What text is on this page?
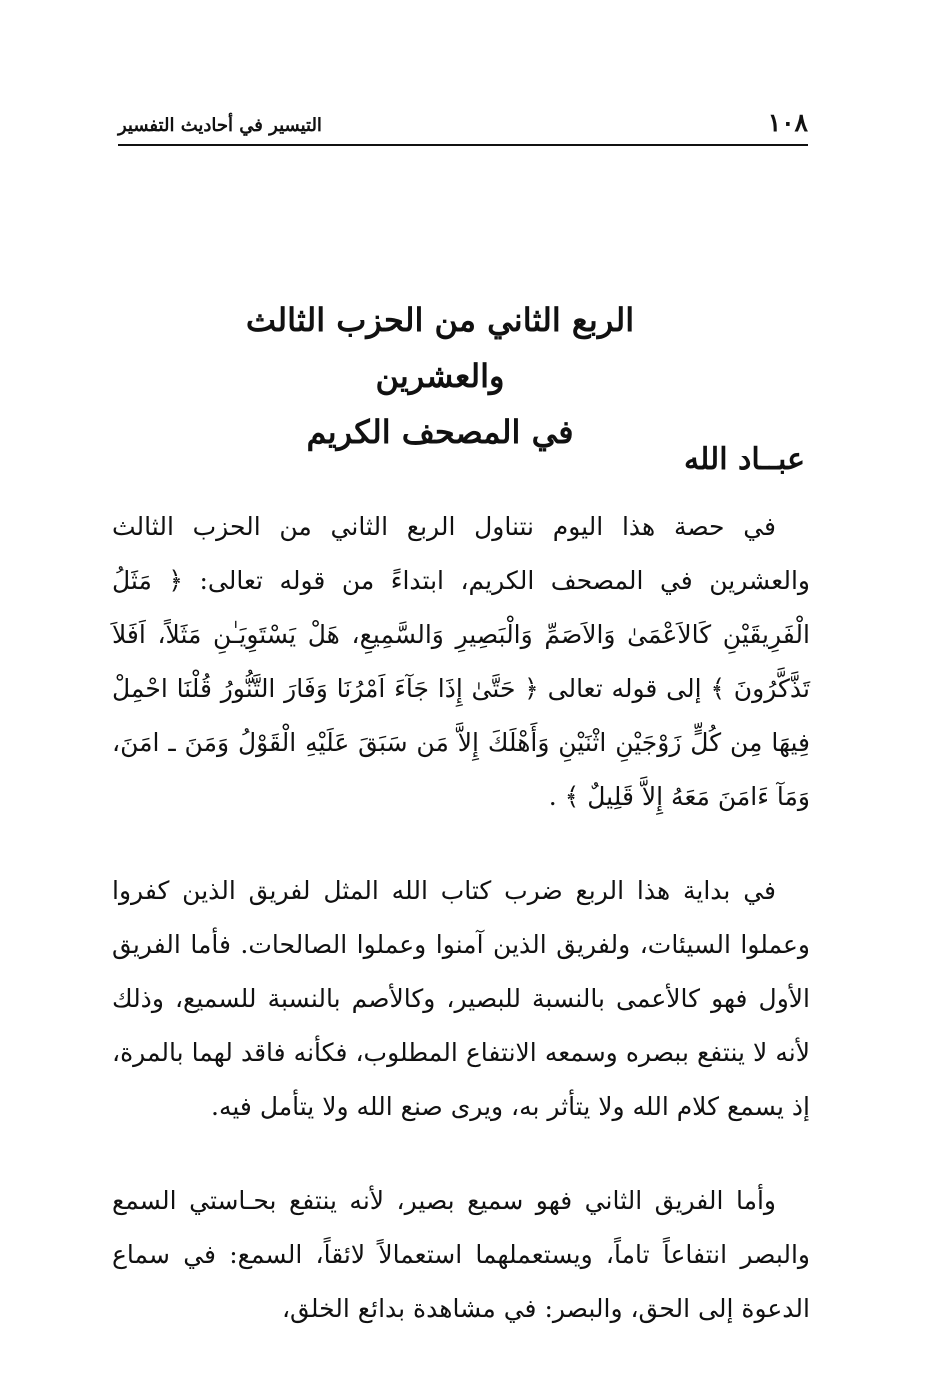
١٠٨
التيسير في أحاديث التفسير
الربع الثاني من الحزب الثالث والعشرين
في المصحف الكريم
عبــاد الله

في حصة هذا اليوم نتناول الربع الثاني من الحزب الثالث والعشرين في المصحف الكريم، ابتداءً من قوله تعالى: ﴿ مَثَلُ الْفَرِيقَيْنِ كَالاَعْمَىٰ وَالاَصَمِّ وَالْبَصِيرِ وَالسَّمِيعِ، هَلْ يَسْتَوِيَـٰنِ مَثَلاً، اَفَلاَ تَذَّكَّرُونَ ﴾ إلى قوله تعالى ﴿ حَتَّىٰ إِذَا جَآءَ اَمْرُنَا وَفَارَ التَّنُّورُ قُلْنَا احْمِلْ فِيهَا مِن كُلٍّ زَوْجَيْنِ اثْنَيْنِ وَأَهْلَكَ إِلاَّ مَن سَبَقَ عَلَيْهِ الْقَوْلُ وَمَنَ ـ امَنَ، وَمَآ ءَامَنَ مَعَهُ إِلاَّ قَلِيلٌ ﴾ .

في بداية هذا الربع ضرب كتاب الله المثل لفريق الذين كفروا وعملوا السيئات، ولفريق الذين آمنوا وعملوا الصالحات. فأما الفريق الأول فهو كالأعمى بالنسبة للبصير، وكالأصم بالنسبة للسميع، وذلك لأنه لا ينتفع ببصره وسمعه الانتفاع المطلوب، فكأنه فاقد لهما بالمرة، إذ يسمع كلام الله ولا يتأثر به، ويرى صنع الله ولا يتأمل فيه.

وأما الفريق الثاني فهو سميع بصير، لأنه ينتفع بحـاستي السمع والبصر انتفاعاً تاماً، ويستعملهما استعمالاً لائقاً، السمع: في سماع الدعوة إلى الحق، والبصر: في مشاهدة بدائع الخلق،
